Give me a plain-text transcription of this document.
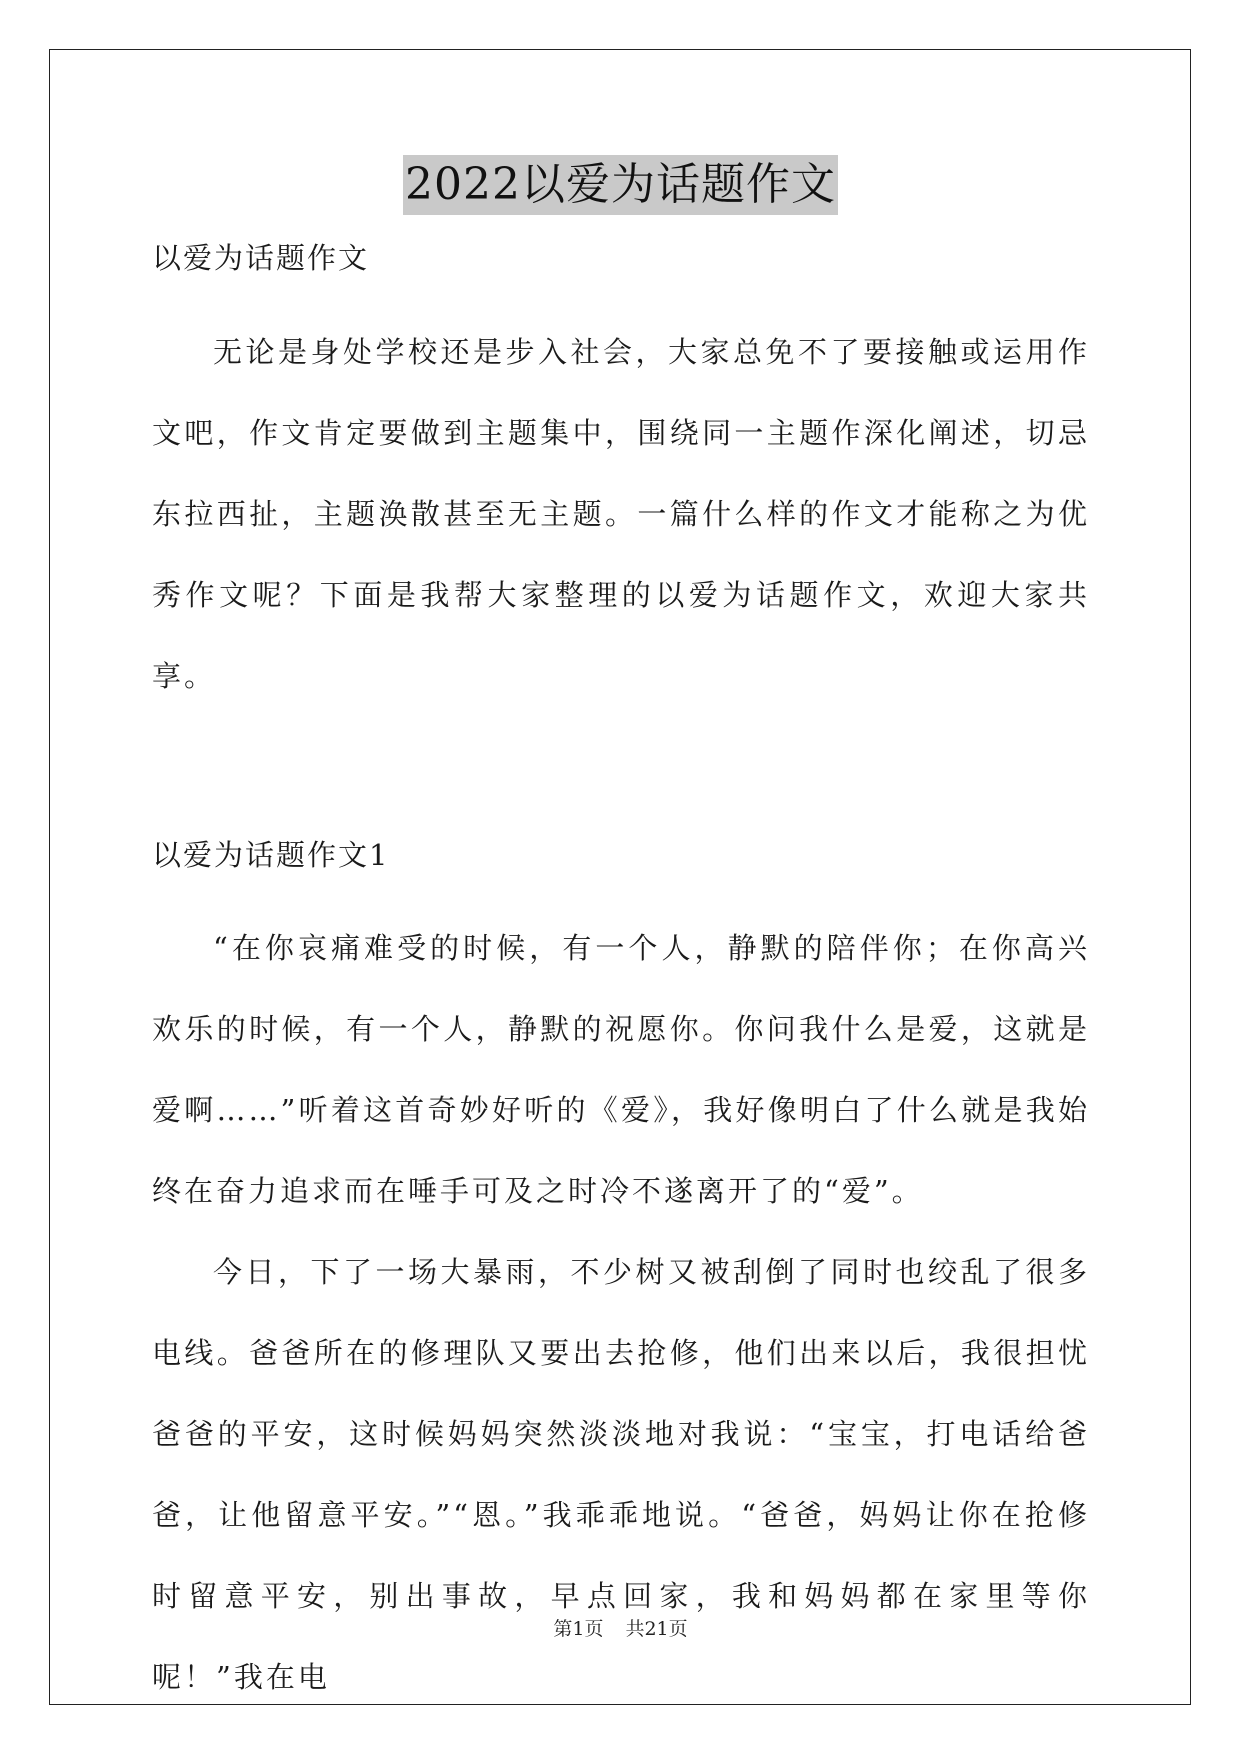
2022以爱为话题作文

以爱为话题作文

无论是身处学校还是步入社会，大家总免不了要接触或运用作文吧，作文肯定要做到主题集中，围绕同一主题作深化阐述，切忌东拉西扯，主题涣散甚至无主题。一篇什么样的作文才能称之为优秀作文呢？下面是我帮大家整理的以爱为话题作文，欢迎大家共享。

以爱为话题作文1

“在你哀痛难受的时候，有一个人，静默的陪伴你；在你高兴欢乐的时候，有一个人，静默的祝愿你。你问我什么是爱，这就是爱啊……”听着这首奇妙好听的《爱》，我好像明白了什么就是我始终在奋力追求而在唾手可及之时冷不遂离开了的“爱”。

今日，下了一场大暴雨，不少树又被刮倒了同时也绞乱了很多电线。爸爸所在的修理队又要出去抢修，他们出来以后，我很担忧爸爸的平安，这时候妈妈突然淡淡地对我说：“宝宝，打电话给爸爸，让他留意平安。”“恩。”我乖乖地说。“爸爸，妈妈让你在抢修时留意平安，别出事故，早点回家，我和妈妈都在家里等你呢！”我在电

第1页 共21页
